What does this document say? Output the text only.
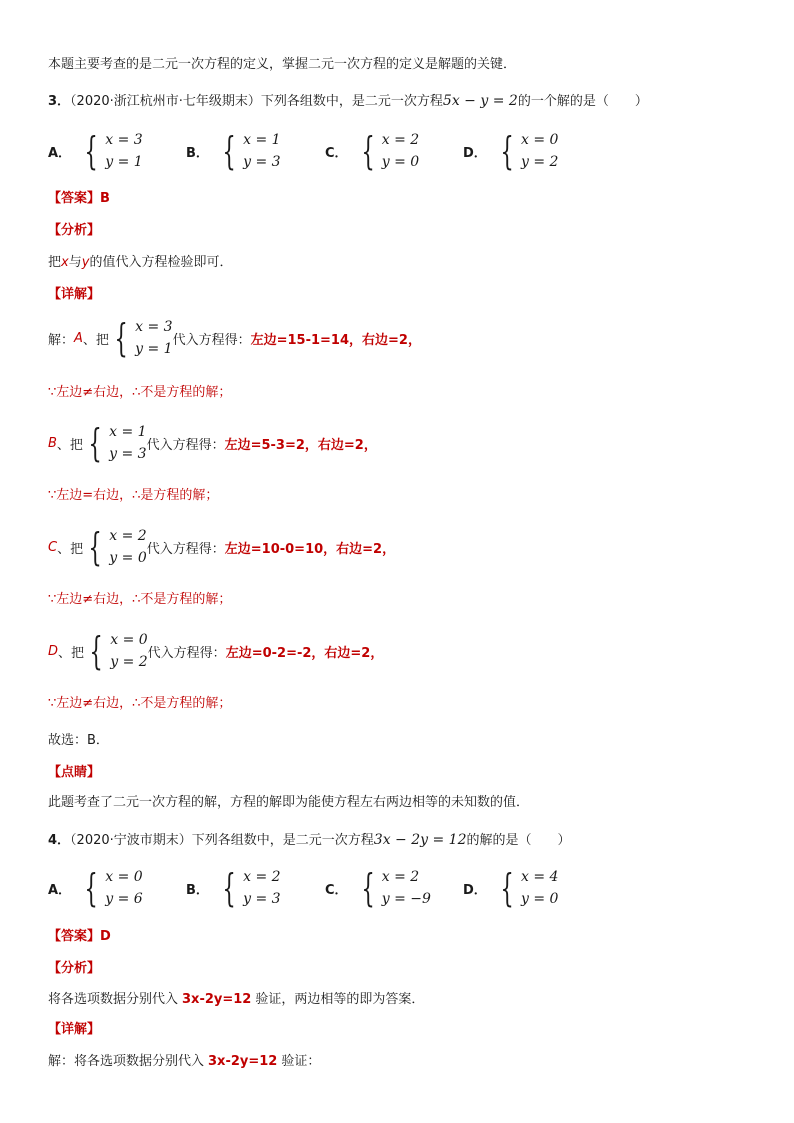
本题主要考查的是二元一次方程的定义，掌握二元一次方程的定义是解题的关键．
3．（2020·浙江杭州市·七年级期末）下列各组数中，是二元一次方程5x − y = 2的一个解的是（　　）
A． { x = 3
y = 1
B． { x = 1
y = 3
C． { x = 2
y = 0
D． { x = 0
y = 2
【答案】B
【分析】
把x与y的值代入方程检验即可．
【详解】
解： A 、把 { x = 3
y = 1
代入方程得： 左边=15-1=14，右边=2，
∵左边≠右边，∴不是方程的解；
B 、把 { x = 1
y = 3
代入方程得： 左边=5-3=2，右边=2，
∵左边=右边，∴是方程的解；
C 、把 { x = 2
y = 0
代入方程得： 左边=10-0=10，右边=2，
∵左边≠右边，∴不是方程的解；
D 、把 { x = 0
y = 2
代入方程得： 左边=0-2=-2，右边=2，
∵左边≠右边，∴不是方程的解；
故选：B．
【点睛】
此题考查了二元一次方程的解，方程的解即为能使方程左右两边相等的未知数的值．
4．（2020·宁波市期末）下列各组数中，是二元一次方程3x − 2y = 12的解的是（　　）
A． { x = 0
y = 6
B． { x = 2
y = 3
C． { x = 2
y = −9
D． { x = 4
y = 0
【答案】D
【分析】
将各选项数据分别代入 3x-2y=12 验证，两边相等的即为答案．
【详解】
解：将各选项数据分别代入 3x-2y=12 验证：
